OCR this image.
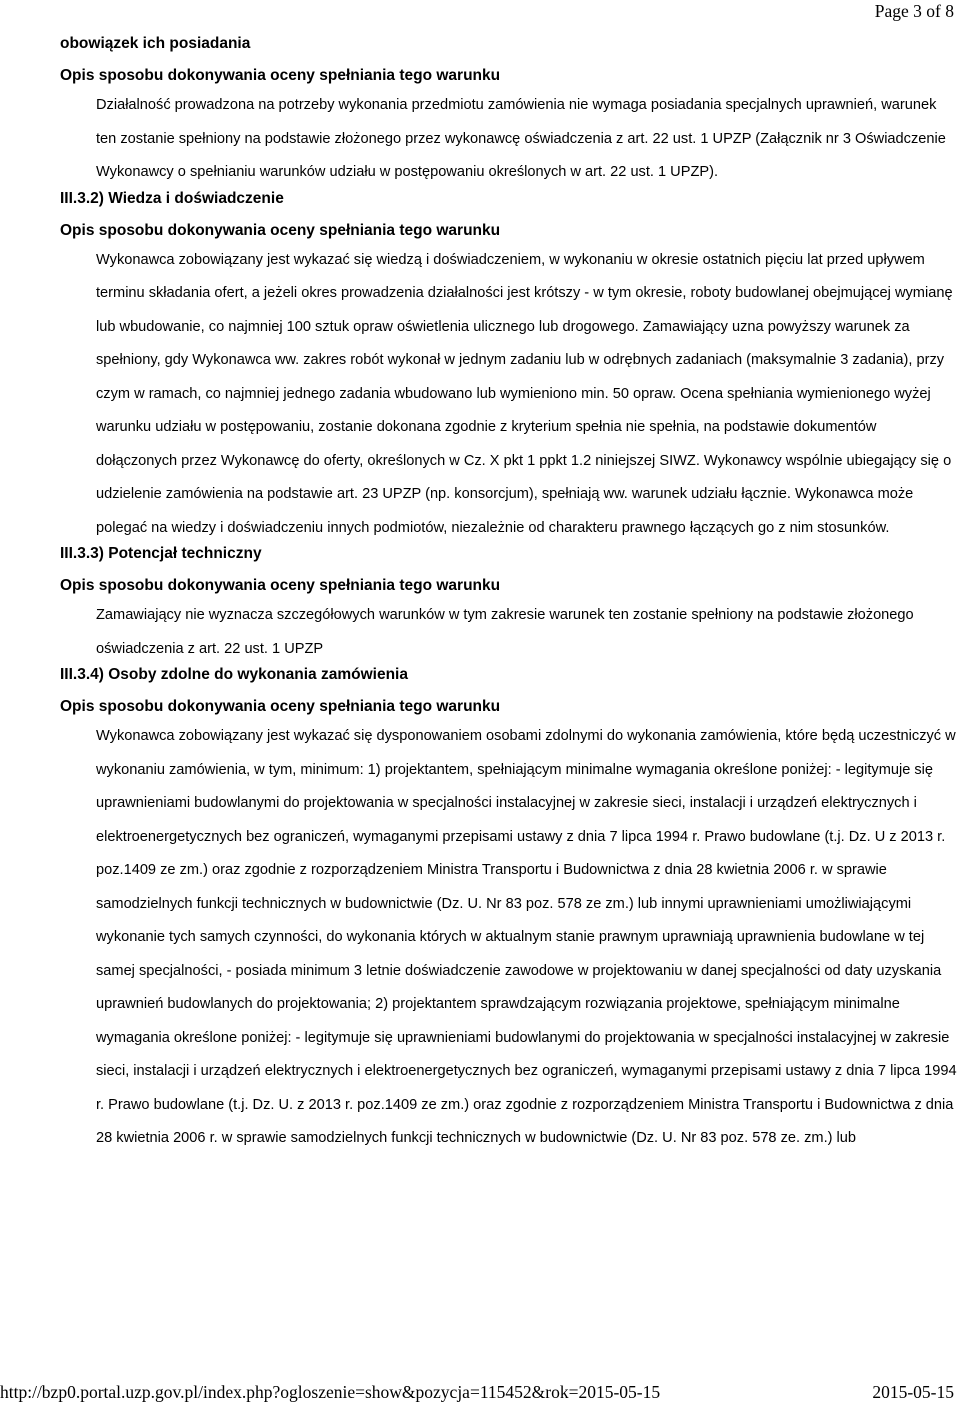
Page 3 of 8
obowiązek ich posiadania
Opis sposobu dokonywania oceny spełniania tego warunku

Działalność prowadzona na potrzeby wykonania przedmiotu zamówienia nie wymaga posiadania specjalnych uprawnień, warunek ten zostanie spełniony na podstawie złożonego przez wykonawcę oświadczenia z art. 22 ust. 1 UPZP (Załącznik nr 3 Oświadczenie Wykonawcy o spełnianiu warunków udziału w postępowaniu określonych w art. 22 ust. 1 UPZP).

III.3.2) Wiedza i doświadczenie
Opis sposobu dokonywania oceny spełniania tego warunku

Wykonawca zobowiązany jest wykazać się wiedzą i doświadczeniem, w wykonaniu w okresie ostatnich pięciu lat przed upływem terminu składania ofert, a jeżeli okres prowadzenia działalności jest krótszy - w tym okresie, roboty budowlanej obejmującej wymianę lub wbudowanie, co najmniej 100 sztuk opraw oświetlenia ulicznego lub drogowego. Zamawiający uzna powyższy warunek za spełniony, gdy Wykonawca ww. zakres robót wykonał w jednym zadaniu lub w odrębnych zadaniach (maksymalnie 3 zadania), przy czym w ramach, co najmniej jednego zadania wbudowano lub wymieniono min. 50 opraw. Ocena spełniania wymienionego wyżej warunku udziału w postępowaniu, zostanie dokonana zgodnie z kryterium spełnia nie spełnia, na podstawie dokumentów dołączonych przez Wykonawcę do oferty, określonych w Cz. X pkt 1 ppkt 1.2 niniejszej SIWZ. Wykonawcy wspólnie ubiegający się o udzielenie zamówienia na podstawie art. 23 UPZP (np. konsorcjum), spełniają ww. warunek udziału łącznie. Wykonawca może polegać na wiedzy i doświadczeniu innych podmiotów, niezależnie od charakteru prawnego łączących go z nim stosunków.

III.3.3) Potencjał techniczny
Opis sposobu dokonywania oceny spełniania tego warunku

Zamawiający nie wyznacza szczegółowych warunków w tym zakresie warunek ten zostanie spełniony na podstawie złożonego oświadczenia z art. 22 ust. 1 UPZP

III.3.4) Osoby zdolne do wykonania zamówienia
Opis sposobu dokonywania oceny spełniania tego warunku

Wykonawca zobowiązany jest wykazać się dysponowaniem osobami zdolnymi do wykonania zamówienia, które będą uczestniczyć w wykonaniu zamówienia, w tym, minimum: 1) projektantem, spełniającym minimalne wymagania określone poniżej: - legitymuje się uprawnieniami budowlanymi do projektowania w specjalności instalacyjnej w zakresie sieci, instalacji i urządzeń elektrycznych i elektroenergetycznych bez ograniczeń, wymaganymi przepisami ustawy z dnia 7 lipca 1994 r. Prawo budowlane (t.j. Dz. U z 2013 r. poz.1409 ze zm.) oraz zgodnie z rozporządzeniem Ministra Transportu i Budownictwa z dnia 28 kwietnia 2006 r. w sprawie samodzielnych funkcji technicznych w budownictwie (Dz. U. Nr 83 poz. 578 ze zm.) lub innymi uprawnieniami umożliwiającymi wykonanie tych samych czynności, do wykonania których w aktualnym stanie prawnym uprawniają uprawnienia budowlane w tej samej specjalności, - posiada minimum 3 letnie doświadczenie zawodowe w projektowaniu w danej specjalności od daty uzyskania uprawnień budowlanych do projektowania; 2) projektantem sprawdzającym rozwiązania projektowe, spełniającym minimalne wymagania określone poniżej: - legitymuje się uprawnieniami budowlanymi do projektowania w specjalności instalacyjnej w zakresie sieci, instalacji i urządzeń elektrycznych i elektroenergetycznych bez ograniczeń, wymaganymi przepisami ustawy z dnia 7 lipca 1994 r. Prawo budowlane (t.j. Dz. U. z 2013 r. poz.1409 ze zm.) oraz zgodnie z rozporządzeniem Ministra Transportu i Budownictwa z dnia 28 kwietnia 2006 r. w sprawie samodzielnych funkcji technicznych w budownictwie (Dz. U. Nr 83 poz. 578 ze. zm.) lub

http://bzp0.portal.uzp.gov.pl/index.php?ogloszenie=show&pozycja=115452&rok=2015-05-15	2015-05-15
